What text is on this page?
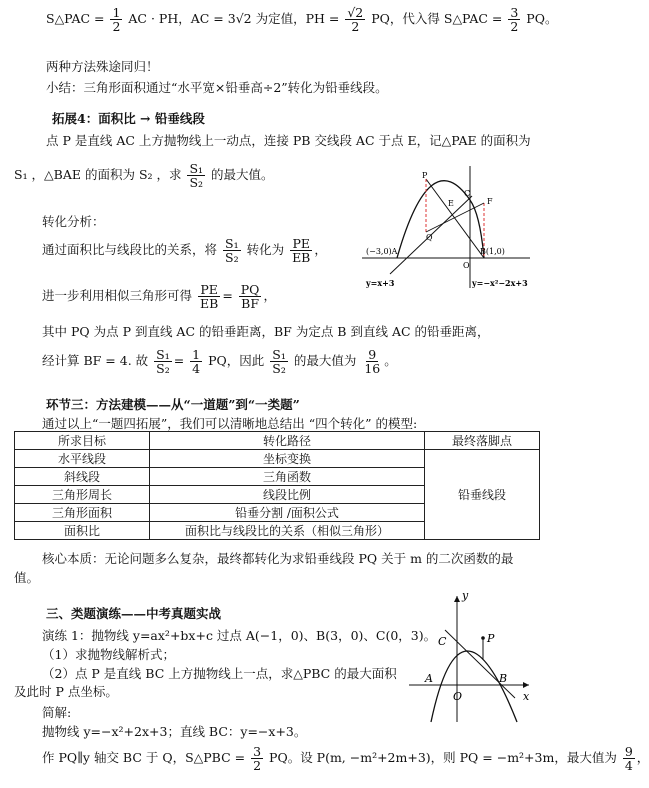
S△PAC = $\frac{1}{2}$ AC · PH，AC = 3√2 为定值，PH = $\frac{√2}{2}$ PQ，代入得 S△PAC = $\frac{3}{2}$ PQ。
两种方法殊途同归！
小结：三角形面积通过“水平宽×铅垂高÷2”转化为铅垂线段。
拓展4：面积比 → 铅垂线段
点 P 是直线 AC 上方抛物线上一动点，连接 PB 交线段 AC 于点 E，记△PAE 的面积为
S₁ ，△BAE 的面积为 S₂ ，求 $\frac{\text{S₁}}{\text{S₂}}$ 的最大值。
转化分析：
通过面积比与线段比的关系，将 $\frac{\text{S₁}}{\text{S₂}}$ 转化为 $\frac{PE}{EB}$ ，
进一步利用相似三角形可得 $\frac{PE}{EB} = \frac{PQ}{BF}$ ，
其中 PQ 为点 P 到直线 AC 的铅垂距离，BF 为定点 B 到直线 AC 的铅垂距离，
经计算 BF = 4. 故 $\frac{\text{S₁}}{\text{S₂}} = \frac{1}{4}$ PQ，因此 $\frac{\text{S₁}}{\text{S₂}}$ 的最大值为 $\frac{9}{16}$ 。
P
E
C
F
Q
(−3,0)A	B(1,0)
O
y=x+3	y=−x²−2x+3
环节三：方法建模——从“一道题”到“一类题”
通过以上“一题四拓展”，我们可以清晰地总结出 “四个转化” 的模型:
所求目标	转化路径	最终落脚点
水平线段	坐标变换	铅垂线段
斜线段	三角函数	
三角形周长	线段比例	
三角形面积	铅垂分割 /面积公式	
面积比	面积比与线段比的关系（相似三角形）	
核心本质：无论问题多么复杂，最终都转化为求铅垂线段 PQ 关于 m 的二次函数的最
值。
三、类题演练——中考真题实战
演练 1：抛物线 y=ax²+bx+c 过点 A(−1，0)、B(3，0)、C(0，3)。
（1）求抛物线解析式；
（2）点 P 是直线 BC 上方抛物线上一点，求△PBC 的最大面积
及此时 P 点坐标。
简解:
抛物线 y=−x²+2x+3；直线 BC：y=−x+3。
作 PQ∥y 轴交 BC 于 Q，S△PBC = $\frac{3}{2}$ PQ。设 P(m, −m²+2m+3)，则 PQ = −m²+3m，最大值为 $\frac{9}{4}$ ，
y
x
C	P
A
O
B
